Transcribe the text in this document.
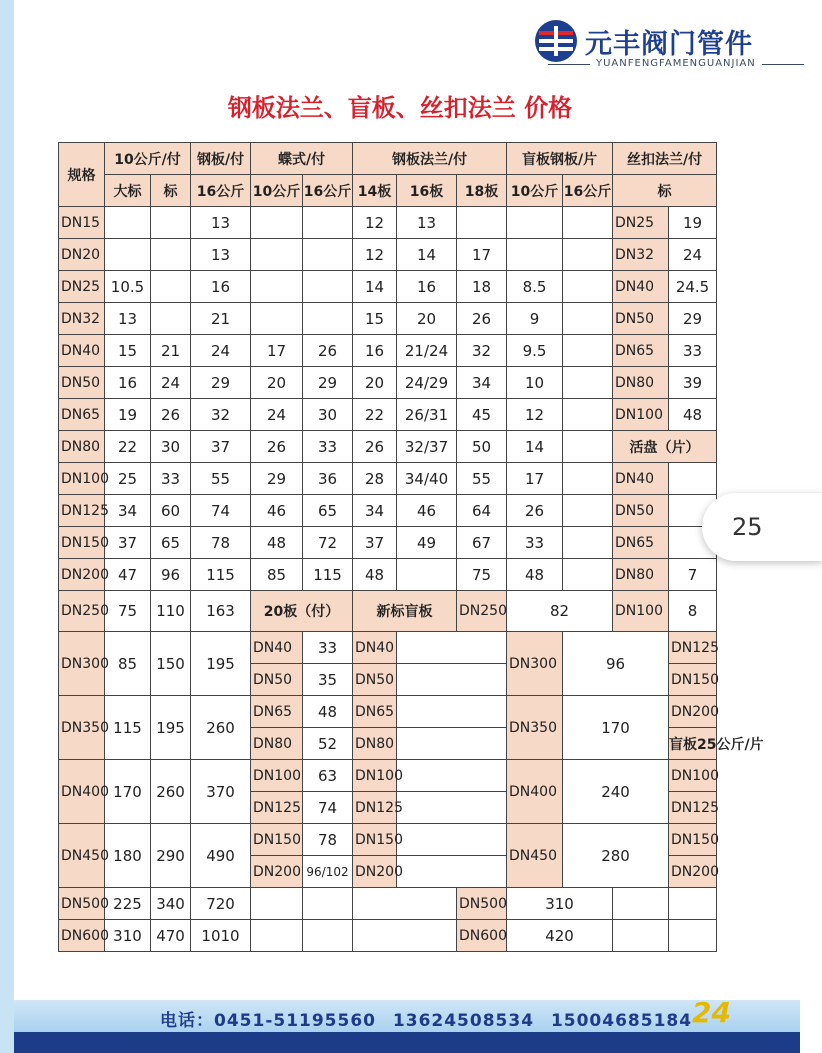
元丰阀门管件
YUANFENGFAMENGUANJIAN
钢板法兰、盲板、丝扣法兰 价格
规格	10公斤/付		钢板/付	蝶式/付		钢板法兰/付			盲板钢板/片		丝扣法兰/付		
	大标	标	16公斤	10公斤	16公斤	14板	16板	18板	10公斤	16公斤	标		
DN15			13			12	13				DN25	19	
DN20			13			12	14	17			DN32	24	
DN25	10.5		16			14	16	18	8.5		DN40	24.5	
DN32	13		21			15	20	26	9		DN50	29	
DN40	15	21	24	17	26	16	21/24	32	9.5		DN65	33	
DN50	16	24	29	20	29	20	24/29	34	10		DN80	39	
DN65	19	26	32	24	30	22	26/31	45	12		DN100	48	
DN80	22	30	37	26	33	26	32/37	50	14		活盘（片）		
DN100	25	33	55	29	36	28	34/40	55	17		DN40		
DN125	34	60	74	46	65	34	46	64	26		DN50		
DN150	37	65	78	48	72	37	49	67	33		DN65		
DN200	47	96	115	85	115	48		75	48		DN80	7	
DN250	75	110	163	20板（付）		新标盲板		DN250	82		DN100	8	
DN300	85	150	195	DN40	33	DN40			DN300	96		DN125	
				DN50	35	DN50						DN150	
DN350	115	195	260	DN65	48	DN65			DN350	170		DN200	
				DN80	52	DN80						盲板25公斤/片	
DN400	170	260	370	DN100	63	DN100			DN400	240		DN100	
				DN125	74	DN125						DN125	
DN450	180	290	490	DN150	78	DN150			DN450	280		DN150	
				DN200	96/102	DN200						DN200	
DN500	225	340	720					DN500	310				
DN600	310	470	1010					DN600	420				
电话：0451-51195560 13624508534 15004685184 24
25
